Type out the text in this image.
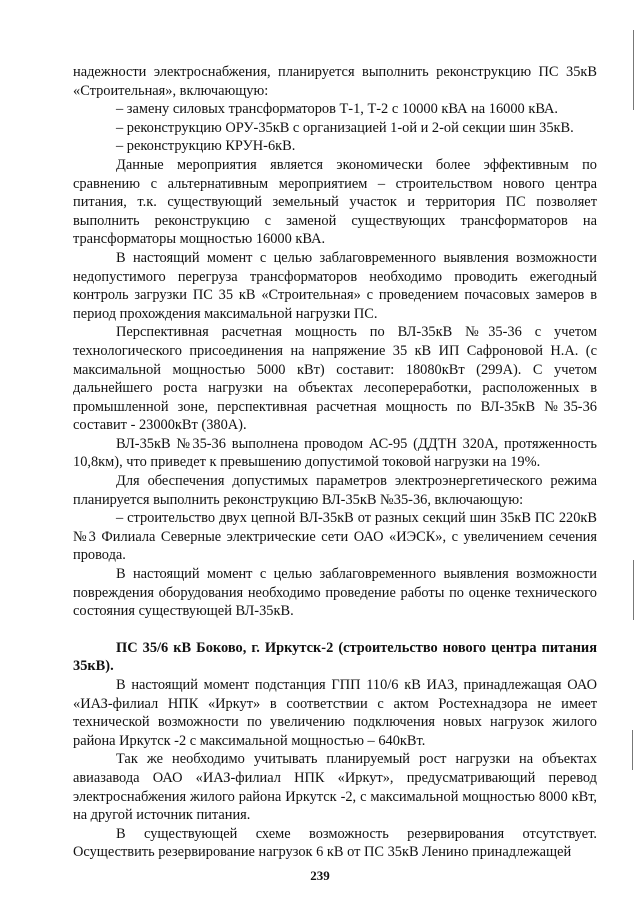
надежности электроснабжения, планируется выполнить реконструкцию ПС 35кВ «Строительная», включающую:

– замену силовых трансформаторов Т-1, Т-2 с 10000 кВА на 16000 кВА.

– реконструкцию ОРУ-35кВ с организацией 1-ой и 2-ой секции шин 35кВ.

– реконструкцию КРУН-6кВ.

Данные мероприятия является экономически более эффективным по сравнению с альтернативным мероприятием – строительством нового центра питания, т.к. существующий земельный участок и территория ПС позволяет выполнить реконструкцию с заменой существующих трансформаторов на трансформаторы мощностью 16000 кВА.

В настоящий момент с целью заблаговременного выявления возможности недопустимого перегруза трансформаторов необходимо проводить ежегодный контроль загрузки ПС 35 кВ «Строительная» с проведением почасовых замеров в период прохождения максимальной нагрузки ПС.

Перспективная расчетная мощность по ВЛ-35кВ №35-36 с учетом технологического присоединения на напряжение 35 кВ ИП Сафроновой Н.А. (с максимальной мощностью 5000 кВт) составит: 18080кВт (299А). С учетом дальнейшего роста нагрузки на объектах лесопереработки, расположенных в промышленной зоне, перспективная расчетная мощность по ВЛ-35кВ №35-36 составит - 23000кВт (380А).

ВЛ-35кВ №35-36 выполнена проводом АС-95 (ДДТН 320А, протяженность 10,8км), что приведет к превышению допустимой токовой нагрузки на 19%.

Для обеспечения допустимых параметров электроэнергетического режима планируется выполнить реконструкцию ВЛ-35кВ №35-36, включающую:

– строительство двух цепной ВЛ-35кВ от разных секций шин 35кВ ПС 220кВ №3 Филиала Северные электрические сети ОАО «ИЭСК», с увеличением сечения провода.

В настоящий момент с целью заблаговременного выявления возможности повреждения оборудования необходимо проведение работы по оценке технического состояния существующей ВЛ-35кВ.

ПС 35/6 кВ Боково, г. Иркутск-2 (строительство нового центра питания 35кВ).

В настоящий момент подстанция ГПП 110/6 кВ ИАЗ, принадлежащая ОАО «ИАЗ-филиал НПК «Иркут» в соответствии с актом Ростехнадзора не имеет технической возможности по увеличению подключения новых нагрузок жилого района Иркутск -2 с максимальной мощностью – 640кВт.

Так же необходимо учитывать планируемый рост нагрузки на объектах авиазавода ОАО «ИАЗ-филиал НПК «Иркут», предусматривающий перевод электроснабжения жилого района Иркутск -2, с максимальной мощностью 8000 кВт, на другой источник питания.

В существующей схеме возможность резервирования отсутствует. Осуществить резервирование нагрузок 6 кВ от ПС 35кВ Ленино принадлежащей

239
